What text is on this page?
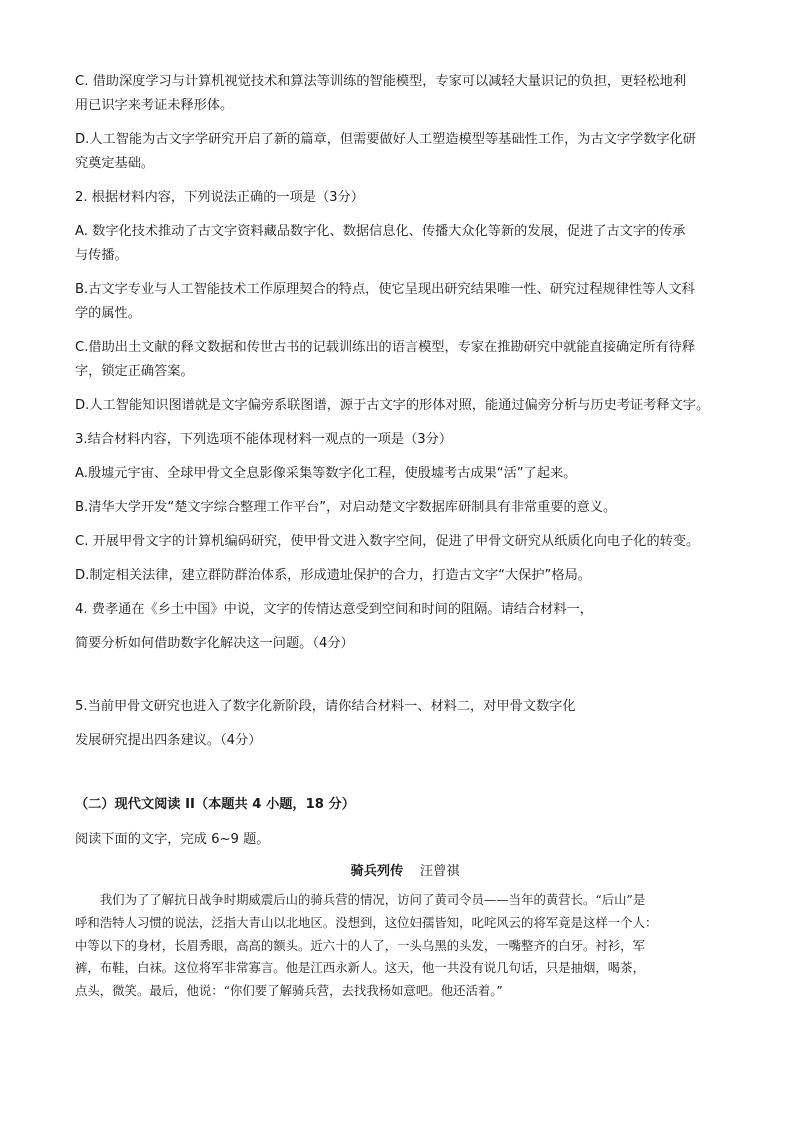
C. 借助深度学习与计算机视觉技术和算法等训练的智能模型，专家可以减轻大量识记的负担，更轻松地利

用已识字来考证未释形体。

D.人工智能为古文字学研究开启了新的篇章，但需要做好人工塑造模型等基础性工作，为古文字学数字化研

究奠定基础。

2. 根据材料内容，下列说法正确的一项是（3分）

A. 数字化技术推动了古文字资料藏品数字化、数据信息化、传播大众化等新的发展，促进了古文字的传承

与传播。

B.古文字专业与人工智能技术工作原理契合的特点，使它呈现出研究结果唯一性、研究过程规律性等人文科

学的属性。

C.借助出土文献的释文数据和传世古书的记载训练出的语言模型，专家在推勘研究中就能直接确定所有待释

字，锁定正确答案。

D.人工智能知识图谱就是文字偏旁系联图谱，源于古文字的形体对照，能通过偏旁分析与历史考证考释文字。

3.结合材料内容，下列选项不能体现材料一观点的一项是（3分）

A.殷墟元宇宙、全球甲骨文全息影像采集等数字化工程，使殷墟考古成果“活”了起来。

B.清华大学开发“楚文字综合整理工作平台”，对启动楚文字数据库研制具有非常重要的意义。

C. 开展甲骨文字的计算机编码研究，使甲骨文进入数字空间，促进了甲骨文研究从纸质化向电子化的转变。

D.制定相关法律，建立群防群治体系，形成遗址保护的合力，打造古文字“大保护”格局。

4. 费孝通在《乡土中国》中说，文字的传情达意受到空间和时间的阻隔。请结合材料一，

简要分析如何借助数字化解决这一问题。（4分）

5.当前甲骨文研究也进入了数字化新阶段，请你结合材料一、材料二，对甲骨文数字化

发展研究提出四条建议。（4分）

（二）现代文阅读 II（本题共 4 小题，18 分）

阅读下面的文字，完成 6~9 题。

骑兵列传 汪曾祺

我们为了了解抗日战争时期威震后山的骑兵营的情况，访问了黄司令员——当年的黄营长。“后山”是

呼和浩特人习惯的说法，泛指大青山以北地区。没想到，这位妇孺皆知，叱咤风云的将军竟是这样一个人：

中等以下的身材，长眉秀眼，高高的额头。近六十的人了，一头乌黑的头发，一嘴整齐的白牙。衬衫，军

裤，布鞋，白袜。这位将军非常寡言。他是江西永新人。这天，他一共没有说几句话，只是抽烟，喝茶，

点头，微笑。最后，他说：“你们要了解骑兵营，去找我杨如意吧。他还活着。”
